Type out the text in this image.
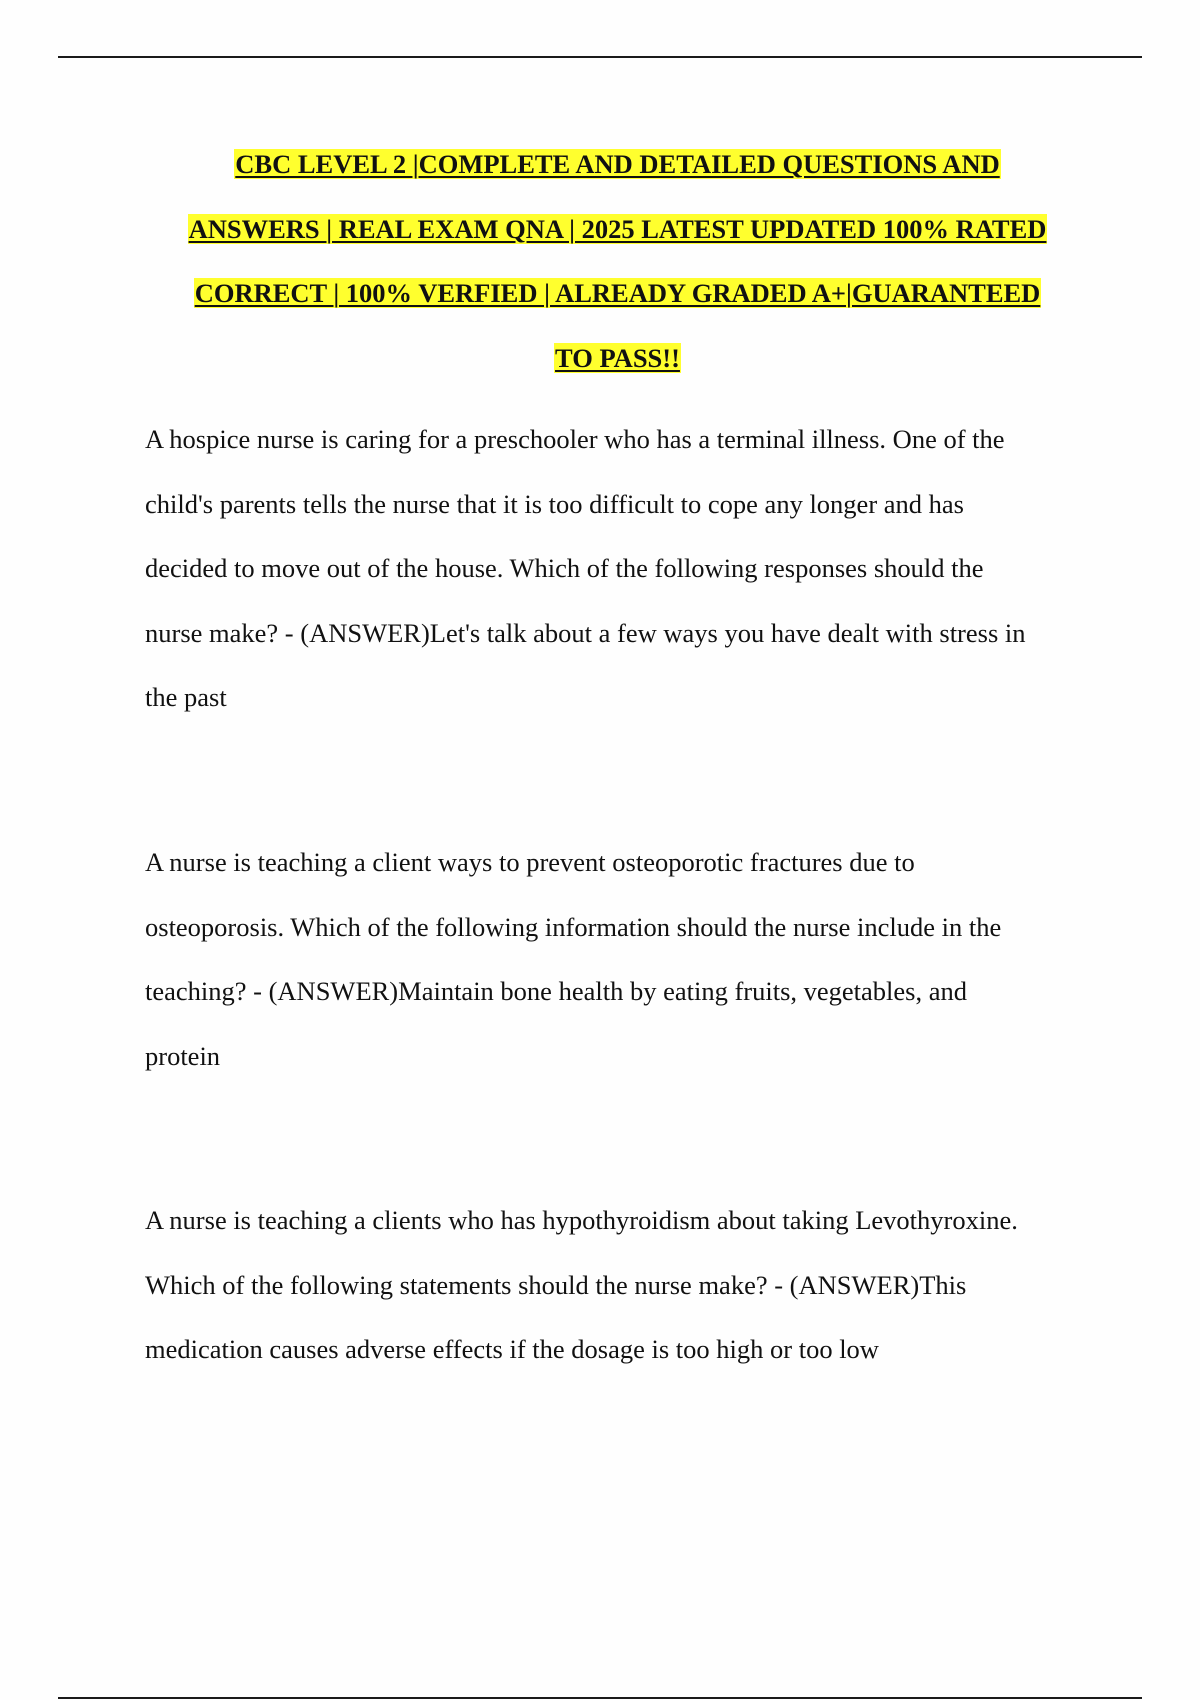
CBC LEVEL 2 |COMPLETE AND DETAILED QUESTIONS AND
ANSWERS | REAL EXAM QNA | 2025 LATEST UPDATED 100% RATED
CORRECT | 100% VERFIED | ALREADY GRADED A+|GUARANTEED
TO PASS!!

A hospice nurse is caring for a preschooler who has a terminal illness. One of the
child's parents tells the nurse that it is too difficult to cope any longer and has
decided to move out of the house. Which of the following responses should the
nurse make? - (ANSWER)Let's talk about a few ways you have dealt with stress in
the past

A nurse is teaching a client ways to prevent osteoporotic fractures due to
osteoporosis. Which of the following information should the nurse include in the
teaching? - (ANSWER)Maintain bone health by eating fruits, vegetables, and
protein

A nurse is teaching a clients who has hypothyroidism about taking Levothyroxine.
Which of the following statements should the nurse make? - (ANSWER)This
medication causes adverse effects if the dosage is too high or too low
